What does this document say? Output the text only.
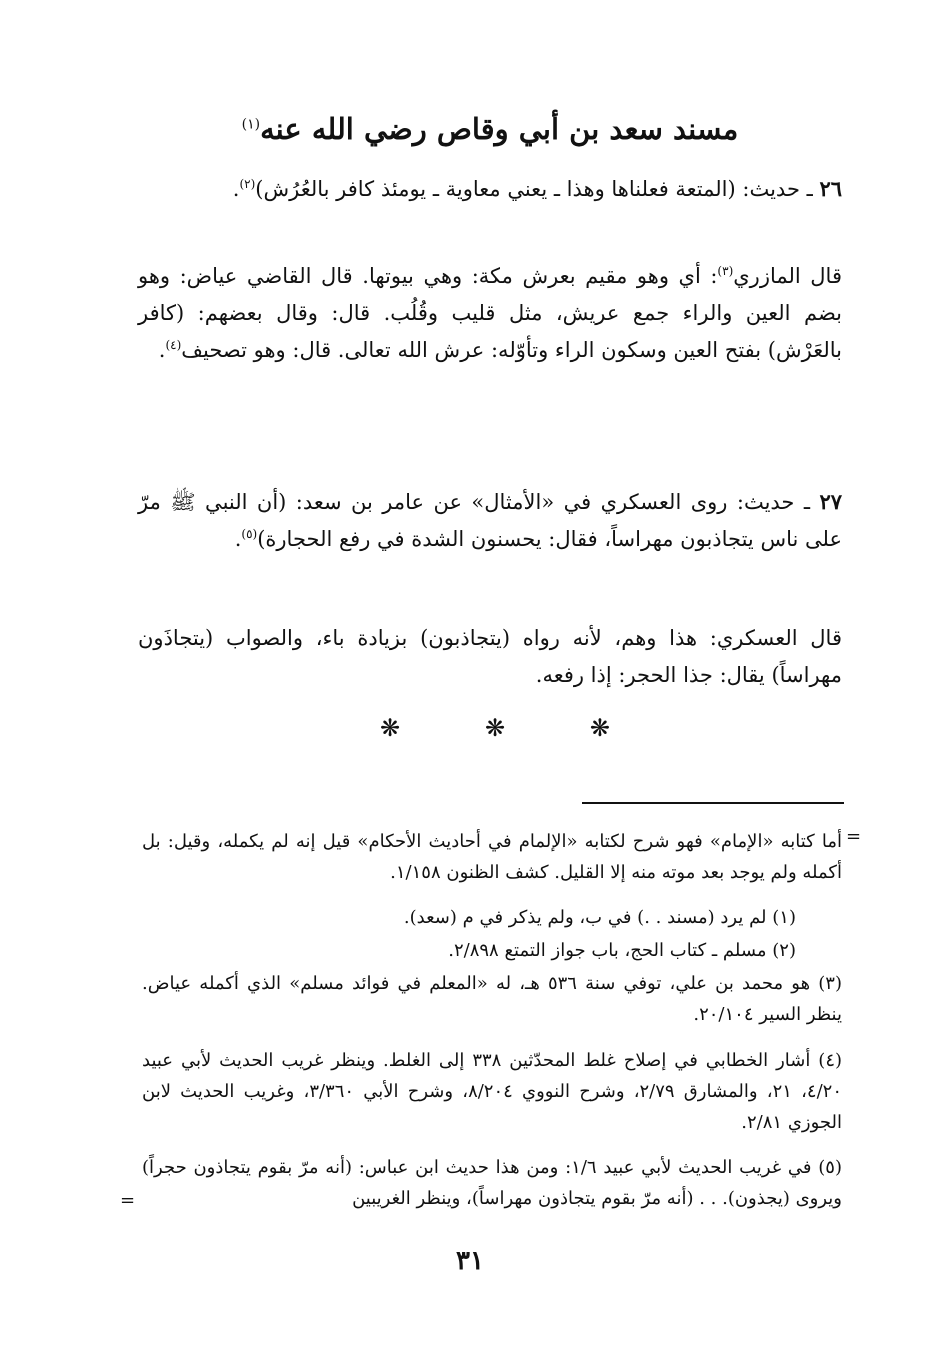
مسند سعد بن أبي وقاص رضي الله عنه$^{(١)}$

٢٦ ـ حديث: (المتعة فعلناها وهذا ـ يعني معاوية ـ يومئذ كافر بالعُرُش)$^{(٢)}$.

قال المازري$^{(٣)}$: أي وهو مقيم بعرش مكة: وهي بيوتها. قال القاضي عياض: وهو بضم العين والراء جمع عريش، مثل قليب وقُلُب. قال: وقال بعضهم: (كافر بالعَرْش) بفتح العين وسكون الراء وتأوّله: عرش الله تعالى. قال: وهو تصحيف$^{(٤)}$.

٢٧ ـ حديث: روى العسكري في «الأمثال» عن عامر بن سعد: (أن النبي ﷺ مرّ على ناس يتجاذبون مهراساً، فقال: يحسنون الشدة في رفع الحجارة)$^{(٥)}$.

قال العسكري: هذا وهم، لأنه رواه (يتجاذبون) بزيادة باء، والصواب (يتجاذَون مهراساً) يقال: جذا الحجر: إذا رفعه.

❋	❋	❋
=

أما كتابه «الإمام» فهو شرح لكتابه «الإلمام في أحاديث الأحكام» قيل إنه لم يكمله، وقيل: بل أكمله ولم يوجد بعد موته منه إلا القليل. كشف الظنون ١/١٥٨.

(١) لم يرد (مسند . .) في ب، ولم يذكر في م (سعد).

(٢) مسلم ـ كتاب الحج، باب جواز التمتع ٢/٨٩٨.

(٣) هو محمد بن علي، توفي سنة ٥٣٦ هـ، له «المعلم في فوائد مسلم» الذي أكمله عياض. ينظر السير ٢٠/١٠٤.

(٤) أشار الخطابي في إصلاح غلط المحدّثين ٣٣٨ إلى الغلط. وينظر غريب الحديث لأبي عبيد ٤/٢٠، ٢١، والمشارق ٢/٧٩، وشرح النووي ٨/٢٠٤، وشرح الأبي ٣/٣٦٠، وغريب الحديث لابن الجوزي ٢/٨١.

(٥) في غريب الحديث لأبي عبيد ١/٦: ومن هذا حديث ابن عباس: (أنه مرّ بقوم يتجاذون حجراً) ويروى (يجذون). . . (أنه مرّ بقوم يتجاذون مهراساً)، وينظر الغريبين

=
٣١
